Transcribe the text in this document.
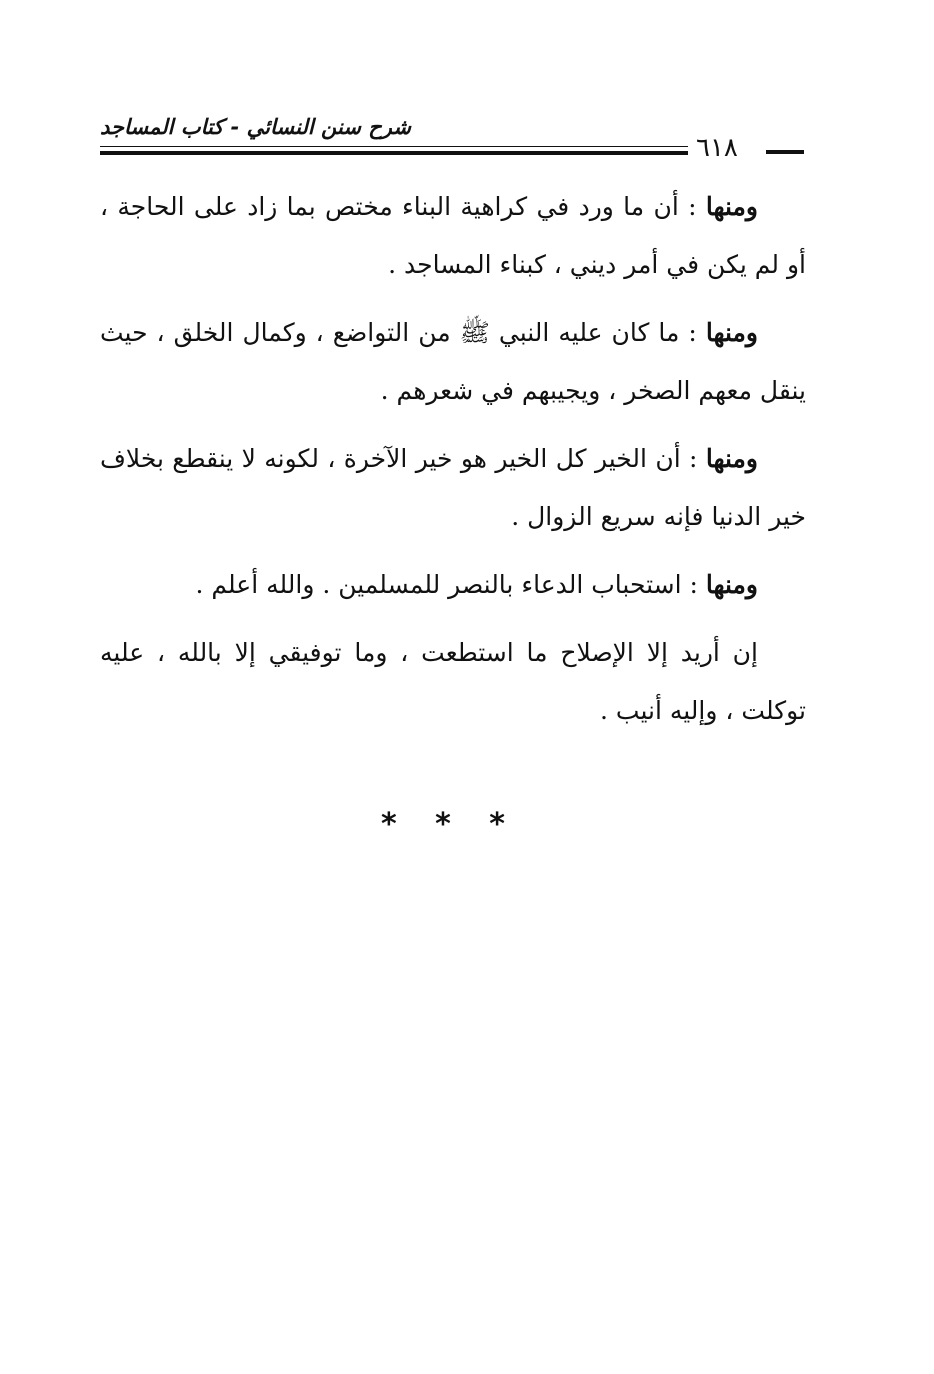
شرح سنن النسائي - كتاب المساجد
٦١٨

ومنها : أن ما ورد في كراهية البناء مختص بما زاد على الحاجة ، أو لم يكن في أمر ديني ، كبناء المساجد .

ومنها : ما كان عليه النبي ﷺ من التواضع ، وكمال الخلق ، حيث ينقل معهم الصخر ، ويجيبهم في شعرهم .

ومنها : أن الخير كل الخير هو خير الآخرة ، لكونه لا ينقطع بخلاف خير الدنيا فإنه سريع الزوال .

ومنها : استحباب الدعاء بالنصر للمسلمين . والله أعلم .

إن أريد إلا الإصلاح ما استطعت ، وما توفيقي إلا بالله ، عليه توكلت ، وإليه أنيب .

* * *
